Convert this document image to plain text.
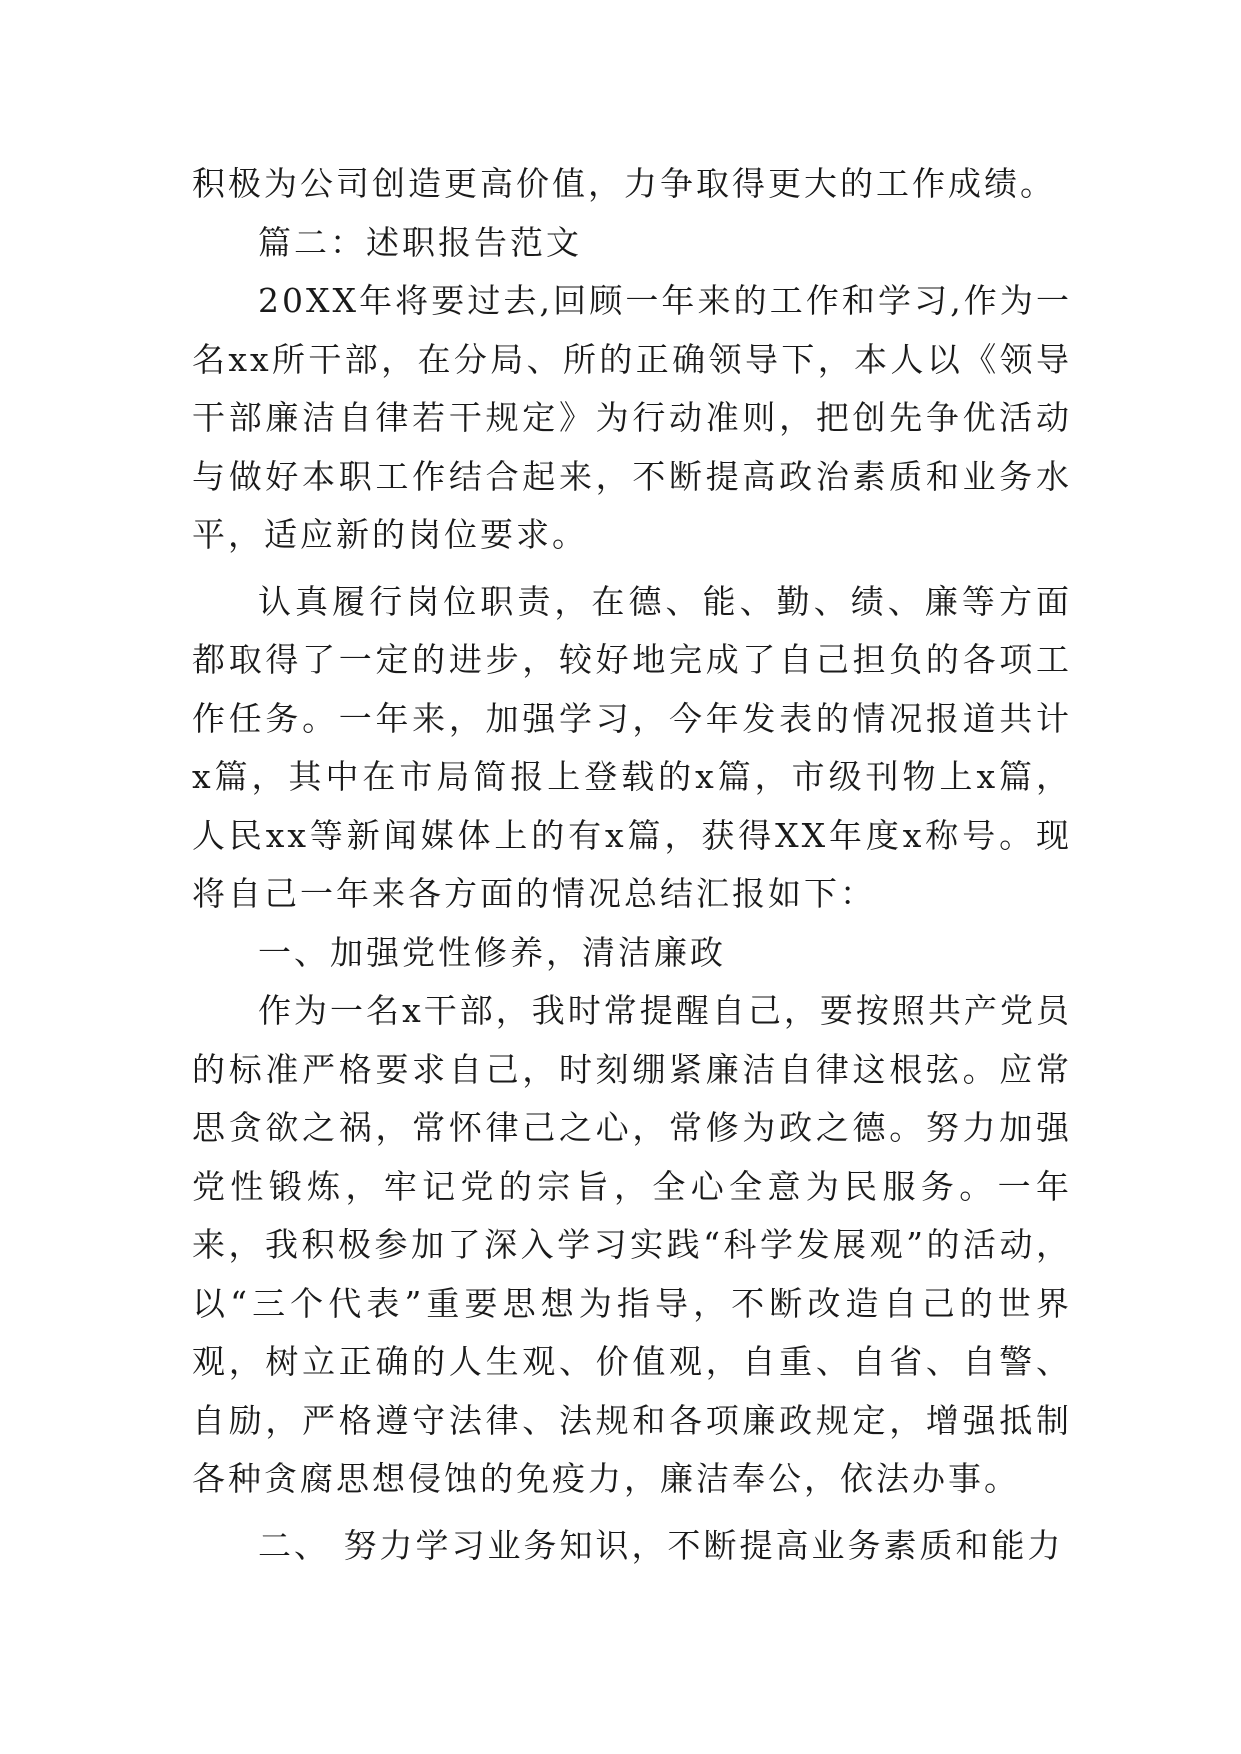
积极为公司创造更高价值，力争取得更大的工作成绩。

篇二：述职报告范文

20XX年将要过去,回顾一年来的工作和学习,作为一名xx所干部，在分局、所的正确领导下，本人以《领导干部廉洁自律若干规定》为行动准则，把创先争优活动与做好本职工作结合起来，不断提高政治素质和业务水平，适应新的岗位要求。

认真履行岗位职责，在德、能、勤、绩、廉等方面都取得了一定的进步，较好地完成了自己担负的各项工作任务。一年来，加强学习，今年发表的情况报道共计x篇，其中在市局简报上登载的x篇，市级刊物上x篇，人民xx等新闻媒体上的有x篇，获得XX年度x称号。现将自己一年来各方面的情况总结汇报如下：

一、加强党性修养，清洁廉政

作为一名x干部，我时常提醒自己，要按照共产党员的标准严格要求自己，时刻绷紧廉洁自律这根弦。应常思贪欲之祸，常怀律己之心，常修为政之德。努力加强党性锻炼，牢记党的宗旨，全心全意为民服务。一年来，我积极参加了深入学习实践“科学发展观”的活动，以“三个代表”重要思想为指导，不断改造自己的世界观，树立正确的人生观、价值观，自重、自省、自警、自励，严格遵守法律、法规和各项廉政规定，增强抵制各种贪腐思想侵蚀的免疫力，廉洁奉公，依法办事。

二、 努力学习业务知识，不断提高业务素质和能力
